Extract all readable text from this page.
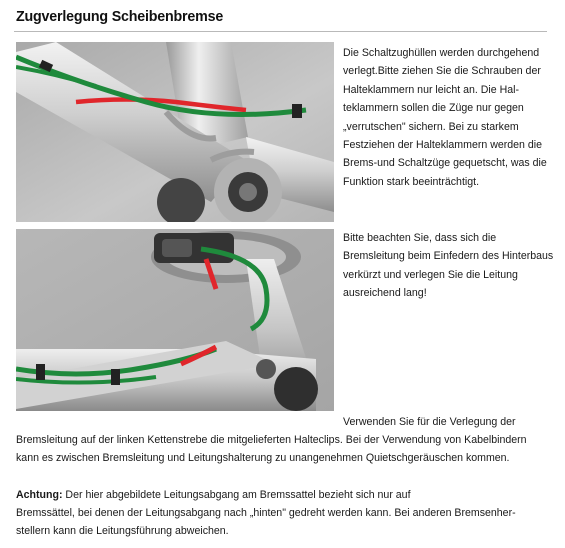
Zugverlegung Scheibenbremse
Die Schaltzughüllen werden durchgehend verlegt.Bitte ziehen Sie die Schrauben der Halteklammern nur leicht an. Die Hal-teklammern sollen die Züge nur gegen „verrutschen" sichern. Bei zu starkem Festziehen der Halteklammern werden die Brems-und Schaltzüge gequetscht, was die Funktion stark beeinträchtigt.
Bitte beachten Sie, dass sich die Bremsleitung beim Einfedern des Hinterbaus verkürzt und verlegen Sie die Leitung ausreichend lang!
Verwenden Sie für die Verlegung der
Bremsleitung auf der linken Kettenstrebe die mitgelieferten Halteclips. Bei der Verwendung von Kabelbindern
kann es zwischen Bremsleitung und Leitungshalterung zu unangenehmen Quietschgeräuschen kommen.
Achtung: Der hier abgebildete Leitungsabgang am Bremssattel bezieht sich nur auf
Bremssättel, bei denen der Leitungsabgang nach „hinten" gedreht werden kann. Bei anderen Bremsenher-
stellern kann die Leitungsführung abweichen.
